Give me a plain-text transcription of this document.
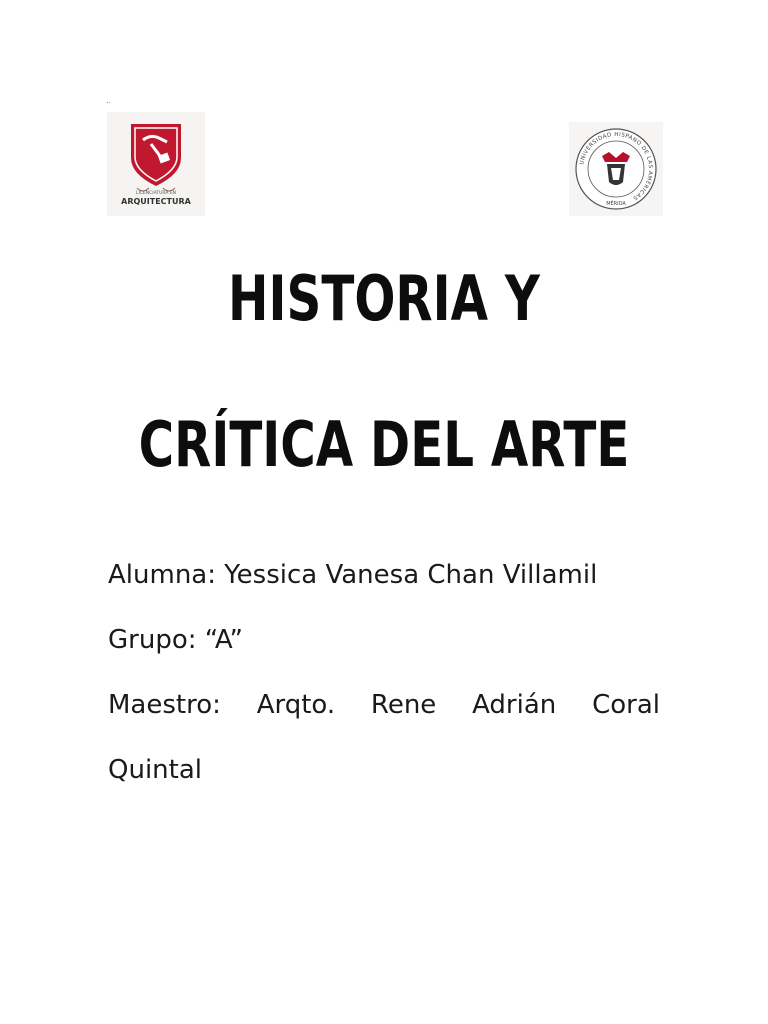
..
LICENCIATURA EN
ARQUITECTURA
UNIVERSIDAD HISPANO DE LAS AMÉRICAS
MÉRIDA
HISTORIA Y
CRÍTICA DEL ARTE
Alumna: Yessica Vanesa Chan Villamil
Grupo: “A”
Maestro: Arqto. Rene Adrián Coral
Quintal
